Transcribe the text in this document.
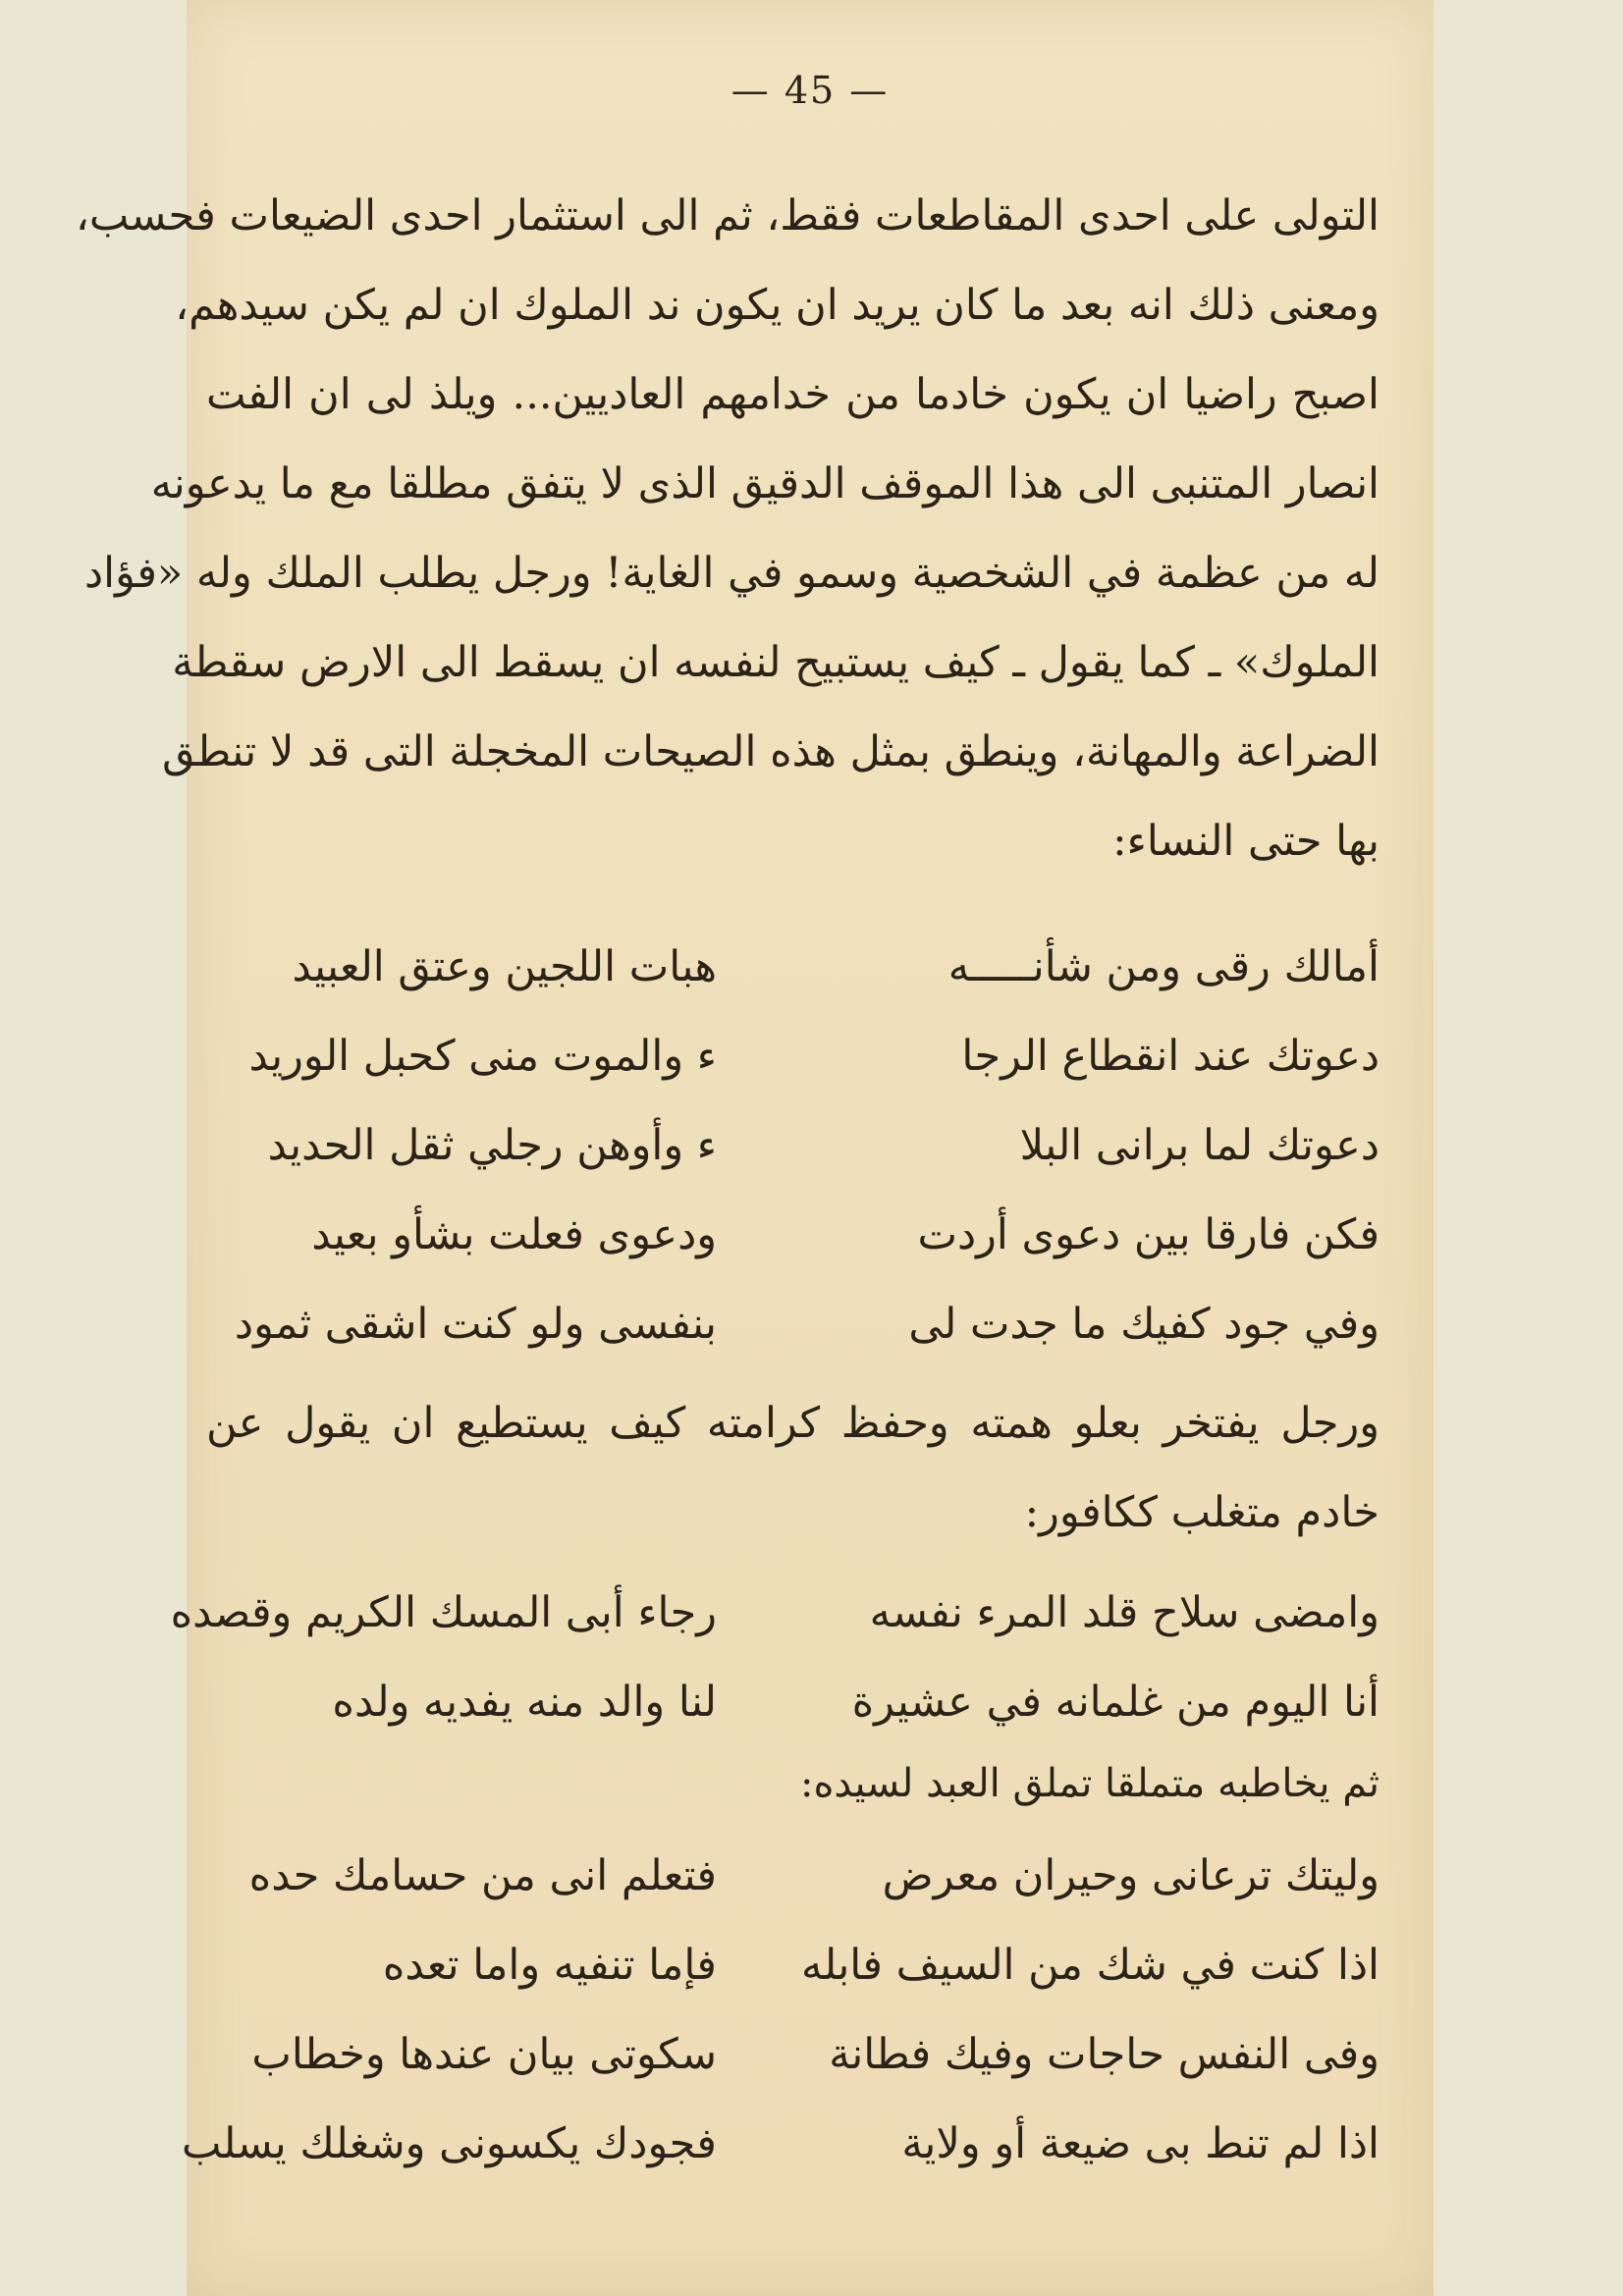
— 45 —
التولى على احدى المقاطعات فقط، ثم الى استثمار احدى الضيعات فحسب،
ومعنى ذلك انه بعد ما كان يريد ان يكون ند الملوك ان لم يكن سيدهم،
اصبح راضيا ان يكون خادما من خدامهم العاديين... ويلذ لى ان الفت
انصار المتنبى الى هذا الموقف الدقيق الذى لا يتفق مطلقا مع ما يدعونه
له من عظمة في الشخصية وسمو في الغاية! ورجل يطلب الملك وله «فؤاد
الملوك» ـ كما يقول ـ كيف يستبيح لنفسه ان يسقط الى الارض سقطة
الضراعة والمهانة، وينطق بمثل هذه الصيحات المخجلة التى قد لا تنطق
بها حتى النساء:
أمالك رقى ومن شأنـــــه
هبات اللجين وعتق العبيد
دعوتك عند انقطاع الرجا
ء والموت منى كحبل الوريد
دعوتك لما برانى البلا
ء وأوهن رجلي ثقل الحديد
فكن فارقا بين دعوى أردت
ودعوى فعلت بشأو بعيد
وفي جود كفيك ما جدت لى
بنفسى ولو كنت اشقى ثمود
ورجل يفتخر بعلو همته وحفظ كرامته كيف يستطيع ان يقول عن
خادم متغلب ككافور:
وامضى سلاح قلد المرء نفسه
رجاء أبى المسك الكريم وقصده
أنا اليوم من غلمانه في عشيرة
لنا والد منه يفديه ولده
ثم يخاطبه متملقا تملق العبد لسيده:
وليتك ترعانى وحيران معرض
فتعلم انى من حسامك حده
اذا كنت في شك من السيف فابله
فإما تنفيه واما تعده
وفى النفس حاجات وفيك فطانة
سكوتى بيان عندها وخطاب
اذا لم تنط بى ضيعة أو ولاية
فجودك يكسونى وشغلك يسلب
